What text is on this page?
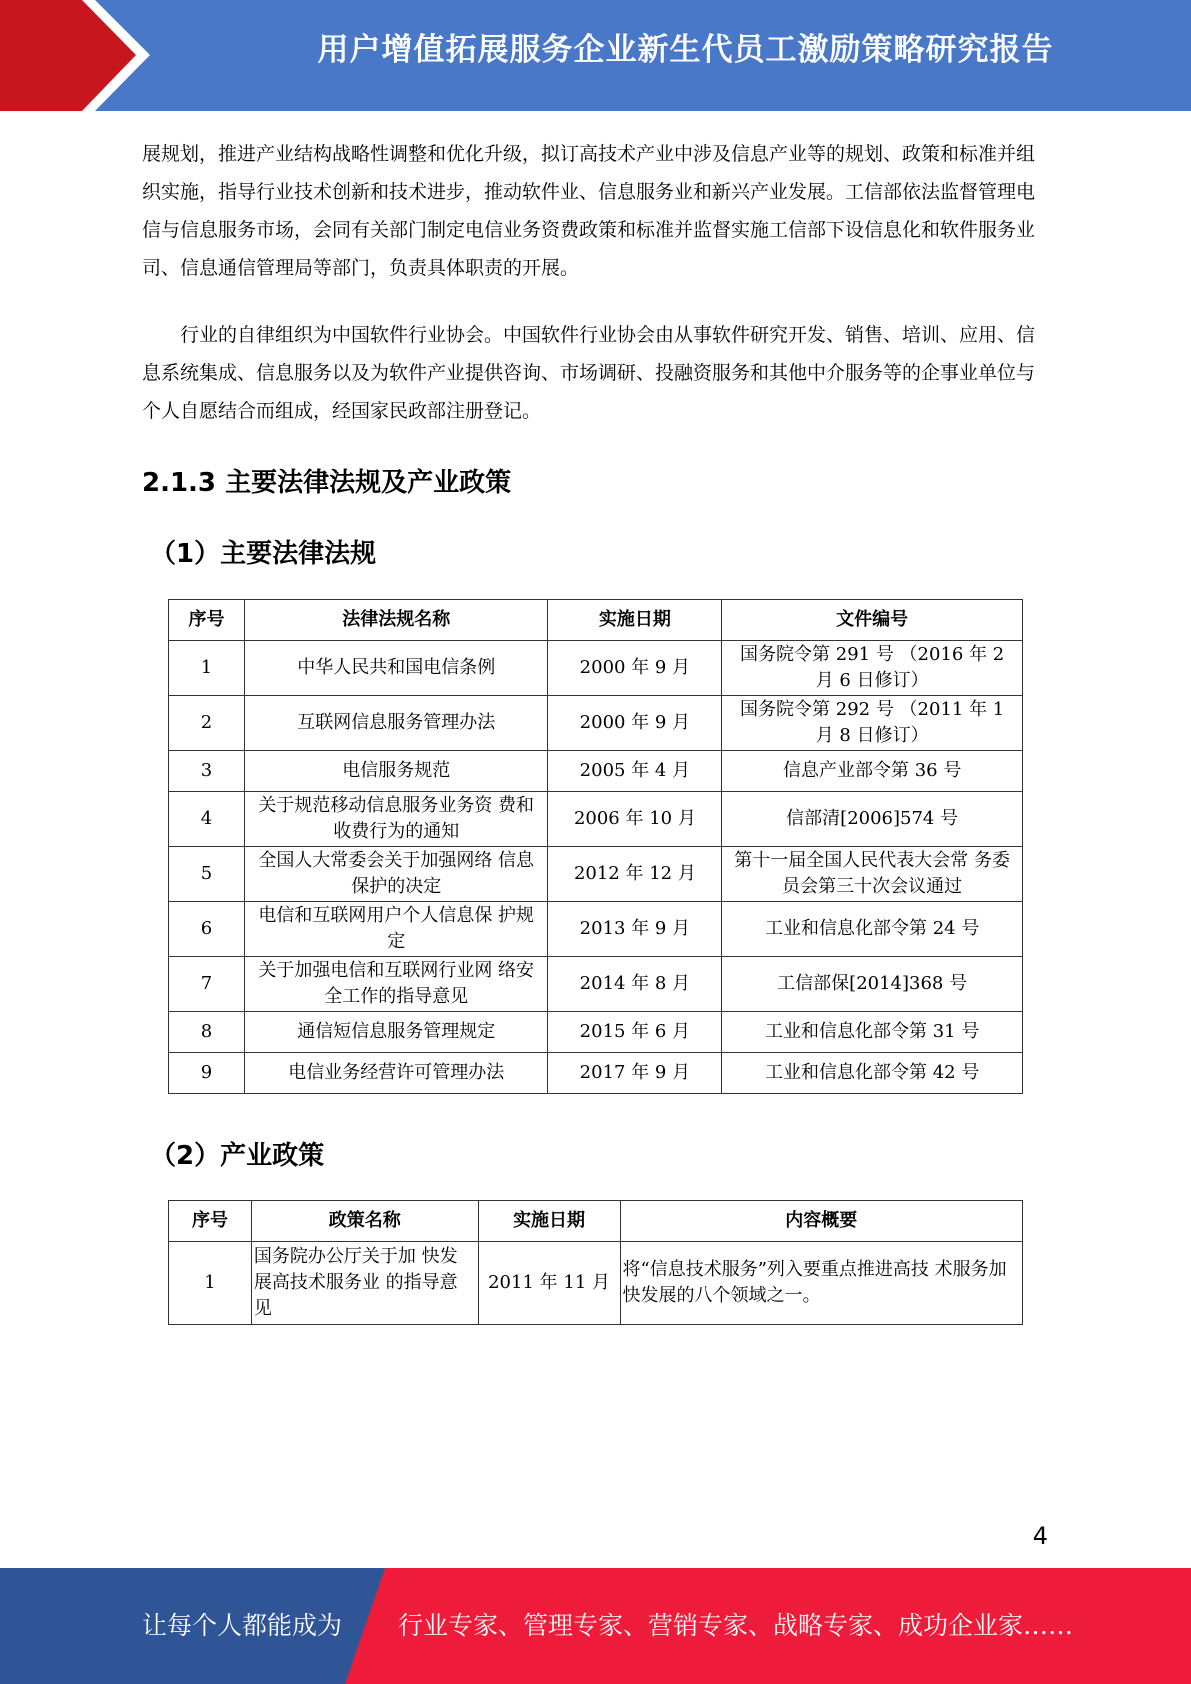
用户增值拓展服务企业新生代员工激励策略研究报告

展规划，推进产业结构战略性调整和优化升级，拟订高技术产业中涉及信息产业等的规划、政策和标准并组织实施，指导行业技术创新和技术进步，推动软件业、信息服务业和新兴产业发展。工信部依法监督管理电信与信息服务市场，会同有关部门制定电信业务资费政策和标准并监督实施工信部下设信息化和软件服务业司、信息通信管理局等部门，负责具体职责的开展。

行业的自律组织为中国软件行业协会。中国软件行业协会由从事软件研究开发、销售、培训、应用、信息系统集成、信息服务以及为软件产业提供咨询、市场调研、投融资服务和其他中介服务等的企事业单位与个人自愿结合而组成，经国家民政部注册登记。

2.1.3 主要法律法规及产业政策
（1）主要法律法规
序号	法律法规名称	实施日期	文件编号
1	中华人民共和国电信条例	2000 年 9 月	国务院令第 291 号 （2016 年 2 月 6 日修订）
2	互联网信息服务管理办法	2000 年 9 月	国务院令第 292 号 （2011 年 1 月 8 日修订）
3	电信服务规范	2005 年 4 月	信息产业部令第 36 号
4	关于规范移动信息服务业务资 费和收费行为的通知	2006 年 10 月	信部清[2006]574 号
5	全国人大常委会关于加强网络 信息保护的决定	2012 年 12 月	第十一届全国人民代表大会常 务委员会第三十次会议通过
6	电信和互联网用户个人信息保 护规定	2013 年 9 月	工业和信息化部令第 24 号
7	关于加强电信和互联网行业网 络安全工作的指导意见	2014 年 8 月	工信部保[2014]368 号
8	通信短信息服务管理规定	2015 年 6 月	工业和信息化部令第 31 号
9	电信业务经营许可管理办法	2017 年 9 月	工业和信息化部令第 42 号
（2）产业政策
序号	政策名称	实施日期	内容概要
1	国务院办公厅关于加 快发展高技术服务业 的指导意见	2011 年 11 月	将“信息技术服务”列入要重点推进高技 术服务加快发展的八个领域之一。
4
让每个人都能成为 行业专家、管理专家、营销专家、战略专家、成功企业家……
